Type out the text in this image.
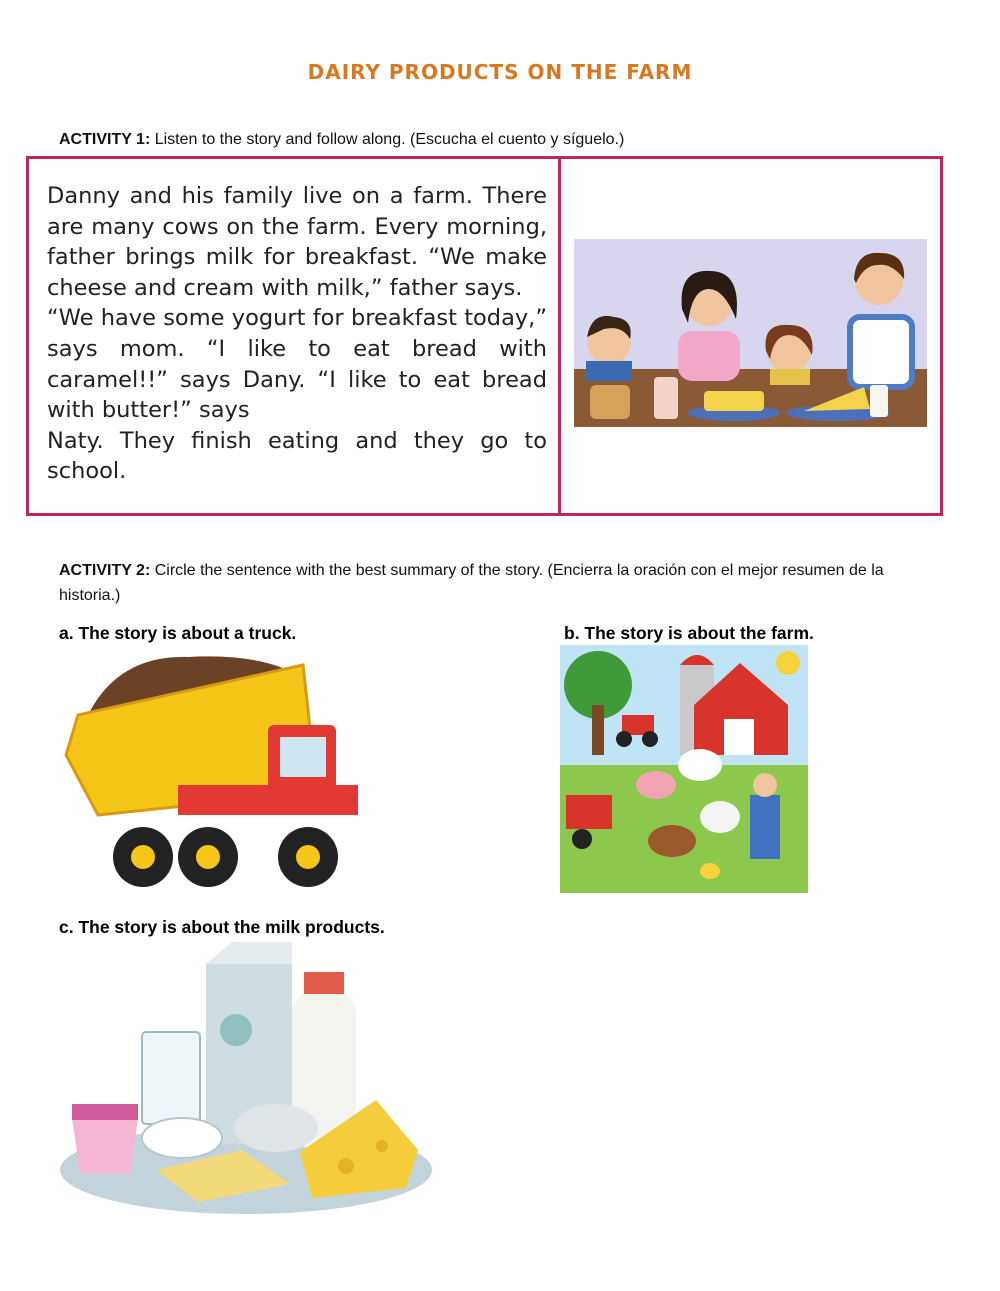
DAIRY PRODUCTS ON THE FARM
ACTIVITY 1: Listen to the story and follow along. (Escucha el cuento y síguelo.)

Danny and his family live on a farm. There are many cows on the farm. Every morning, father brings milk for breakfast. “We make cheese and cream with milk,” father says.

“We have some yogurt for breakfast today,” says mom. “I like to eat bread with caramel!!” says Dany. “I like to eat bread with butter!” says

Naty. They finish eating and they go to school.

ACTIVITY 2: Circle the sentence with the best summary of the story. (Encierra la oración con el mejor resumen de la historia.)
a. The story is about a truck.	b. The story is about the farm.
c. The story is about the milk products.
